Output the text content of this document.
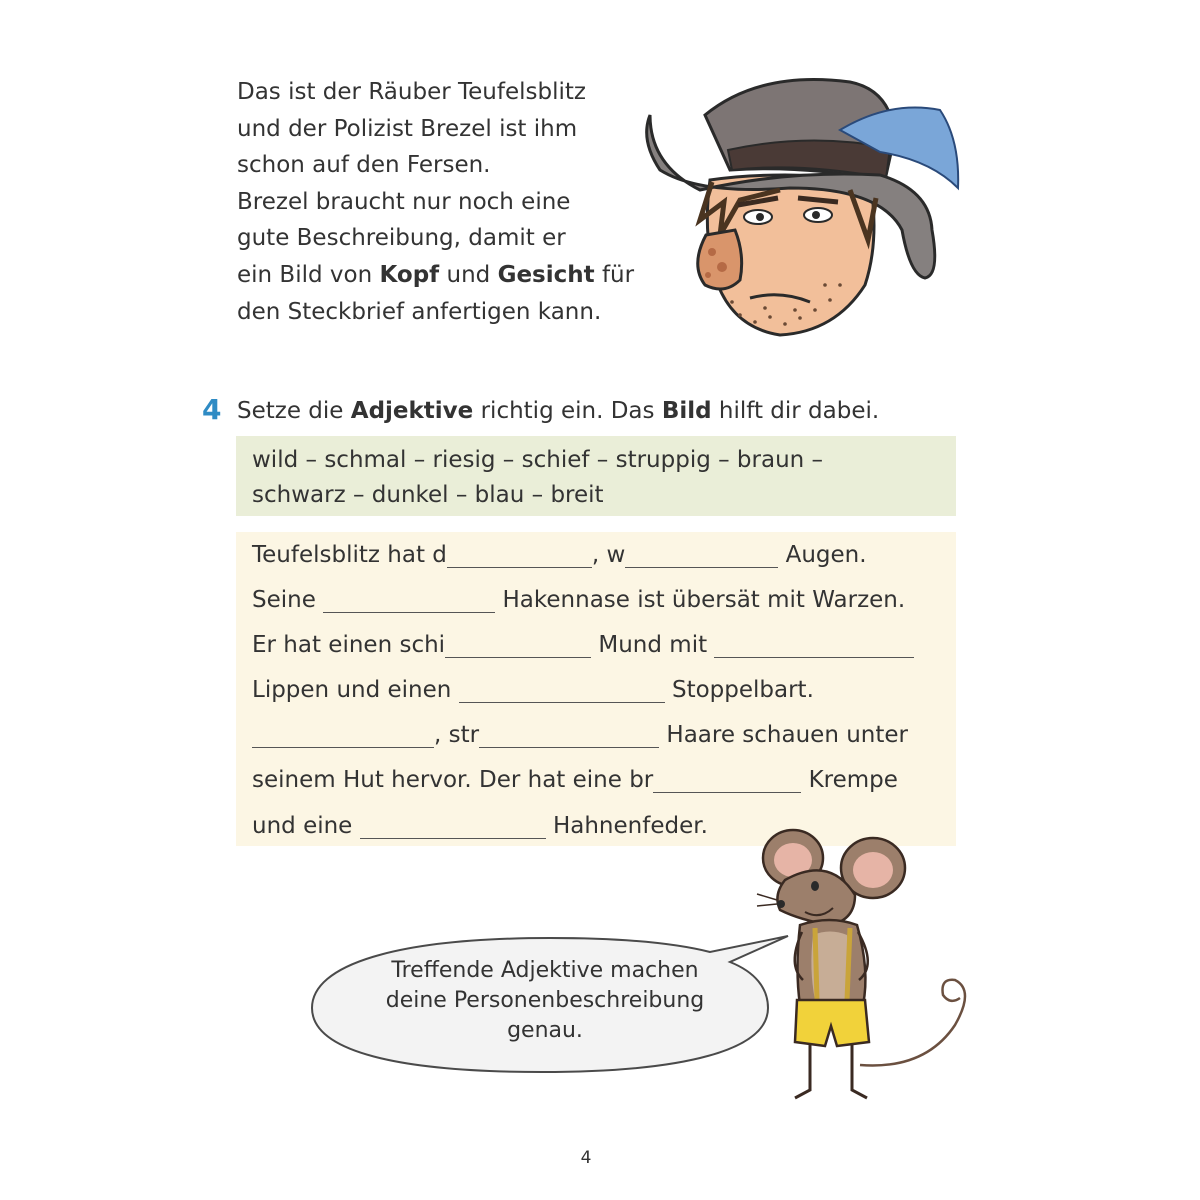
Das ist der Räuber Teufelsblitz
und der Polizist Brezel ist ihm
schon auf den Fersen.
Brezel braucht nur noch eine
gute Beschreibung, damit er
ein Bild von Kopf und Gesicht für
den Steckbrief anfertigen kann.
4 Setze die Adjektive richtig ein. Das Bild hilft dir dabei.
wild – schmal – riesig – schief – struppig – braun –
schwarz – dunkel – blau – breit
Teufelsblitz hat d	, w	Augen.
Seine	Hakennase ist übersät mit Warzen.
Er hat einen schi	Mund mit
Lippen und einen	Stoppelbart.
, str	Haare schauen unter
seinem Hut hervor. Der hat eine br	Krempe
und eine	Hahnenfeder.
Treffende Adjektive machen
deine Personenbeschreibung
genau.
4
